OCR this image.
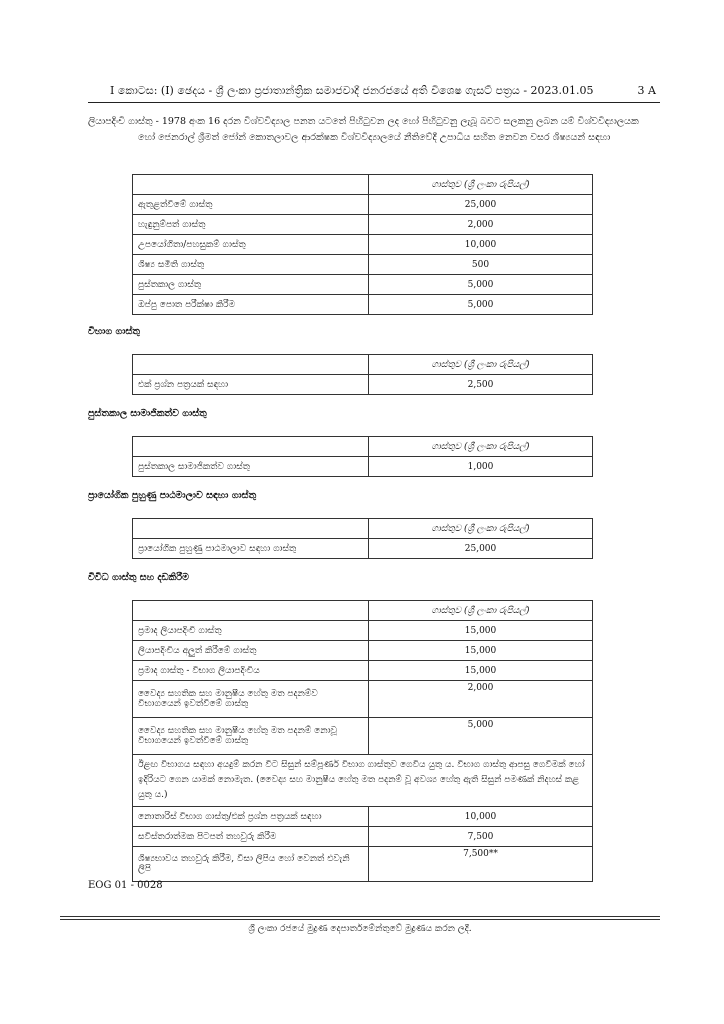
I කොටස: (I) ඡෙදය - ශ්‍රී ලංකා ප්‍රජාතාන්ත්‍රික සමාජවාදී ජනරජයේ අති විශෙෂ ගැසට් පත්‍රය - 2023.01.05	3 A
ලියාපදිංචි ගාස්තු - 1978 අංක 16 දරන විශ්වවිද්‍යාල පනත යටතේ පිහිටුවන ලද හෝ පිහිටුවනු ලැබූ බවට සලකනු ලබන යම් විශ්වවිද්‍යාලයක හෝ ජෙනරාල් ශ්‍රීමත් ජෝන් කොතලාවල ආරක්ෂක විශ්වවිද්‍යාලයේ නීතිවේදී උපාධිය සහිත නෙවන වසර ශිෂ්‍යයන් සඳහා
	ගාස්තුව (ශ්‍රී ලංකා රුපියල්)
ඇතුළත්වීමේ ගාස්තු	25,000
හැඳුනුම්පත් ගාස්තු	2,000
උපයෝගිතා/පහසුකම් ගාස්තු	10,000
ශිෂ්‍ය සමිති ගාස්තු	500
පුස්තකාල ගාස්තු	5,000
ඔප්පු පොත පරීක්ෂා කිරීම	5,000
විභාග ගාස්තු
	ගාස්තුව (ශ්‍රී ලංකා රුපියල්)
එක් ප්‍රශ්න පත්‍රයක් සඳහා	2,500
පුස්තකාල සාමාජිකත්ව ගාස්තු
	ගාස්තුව (ශ්‍රී ලංකා රුපියල්)
පුස්තකාල සාමාජිකත්ව ගාස්තු	1,000
ප්‍රායෝගික පුහුණු පාඨමාලාව සඳහා ගාස්තු
	ගාස්තුව (ශ්‍රී ලංකා රුපියල්)
ප්‍රායෝගික පුහුණු පාඨමාලාව සඳහා ගාස්තු	25,000
විවිධ ගාස්තු සහ දඩකිරීම
	ගාස්තුව (ශ්‍රී ලංකා රුපියල්)
ප්‍රමාද ලියාපදිංචි ගාස්තු	15,000
ලියාපදිංචිය අලුත් කිරීමේ ගාස්තු	15,000
ප්‍රමාද ගාස්තු - විභාග ලියාපදිංචිය	15,000
වෛද්‍ය සහතික සහ මානුෂීය හේතු මත පදනම්ව විභාගයෙන් ඉවත්වීමේ ගාස්තු	2,000
වෛද්‍ය සහතික සහ මානුෂීය හේතු මත පදනම් නොවූ විභාගයෙන් ඉවත්වීමේ ගාස්තු	5,000
ඊළඟ විභාගය සඳහා අයදුම් කරන විට සිසුන් සම්පූර්ණ විභාග ගාස්තුව ගෙවිය යුතු ය. විභාග ගාස්තු ආපසු ගෙවීමක් හෝ ඉදිරියට ගෙන යාමක් නොමැත. (වෛද්‍ය සහ මානුෂීය හේතු මත පදනම් වූ අවශ්‍ය හේතු ඇති සිසුන් පමණක් නිදහස් කළ යුතු ය.)	
නොතාරිස් විභාග ගාස්තු/එක් ප්‍රශ්න පත්‍රයක් සඳහා	10,000
සවිස්තරාත්මක පිටපත් තහවුරු කිරීම	7,500
ශිෂ්‍යභාවය තහවුරු කිරීම, වීසා ලිපිය හෝ වෙනත් එවැනි ලිපි	7,500**
EOG 01 - 0028
ශ්‍රී ලංකා රජයේ මුද්‍රණ දෙපාර්තමේන්තුවේ මුද්‍රණය කරන ලදී.
